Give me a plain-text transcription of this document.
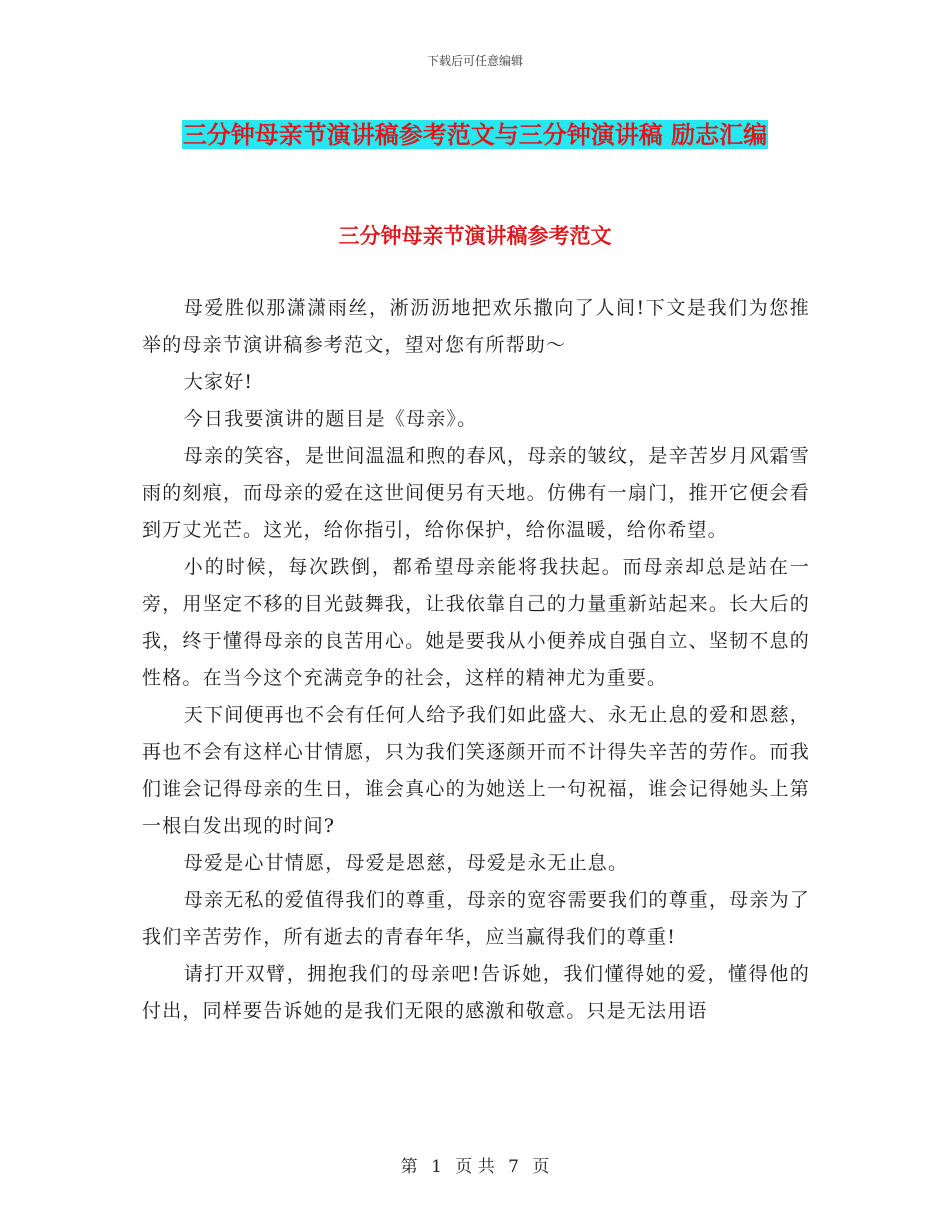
下载后可任意编辑
三分钟母亲节演讲稿参考范文与三分钟演讲稿 励志汇编
三分钟母亲节演讲稿参考范文

母爱胜似那潇潇雨丝，淅沥沥地把欢乐撒向了人间!下文是我们为您推举的母亲节演讲稿参考范文，望对您有所帮助～

大家好!

今日我要演讲的题目是《母亲》。

母亲的笑容，是世间温温和煦的春风，母亲的皱纹，是辛苦岁月风霜雪雨的刻痕，而母亲的爱在这世间便另有天地。仿佛有一扇门，推开它便会看到万丈光芒。这光，给你指引，给你保护，给你温暖，给你希望。

小的时候，每次跌倒，都希望母亲能将我扶起。而母亲却总是站在一旁，用坚定不移的目光鼓舞我，让我依靠自己的力量重新站起来。长大后的我，终于懂得母亲的良苦用心。她是要我从小便养成自强自立、坚韧不息的性格。在当今这个充满竞争的社会，这样的精神尤为重要。

天下间便再也不会有任何人给予我们如此盛大、永无止息的爱和恩慈，再也不会有这样心甘情愿，只为我们笑逐颜开而不计得失辛苦的劳作。而我们谁会记得母亲的生日，谁会真心的为她送上一句祝福，谁会记得她头上第一根白发出现的时间?

母爱是心甘情愿，母爱是恩慈，母爱是永无止息。

母亲无私的爱值得我们的尊重，母亲的宽容需要我们的尊重，母亲为了我们辛苦劳作，所有逝去的青春年华，应当赢得我们的尊重!

请打开双臂，拥抱我们的母亲吧!告诉她，我们懂得她的爱，懂得他的付出，同样要告诉她的是我们无限的感激和敬意。只是无法用语

第 1 页 共 7 页
